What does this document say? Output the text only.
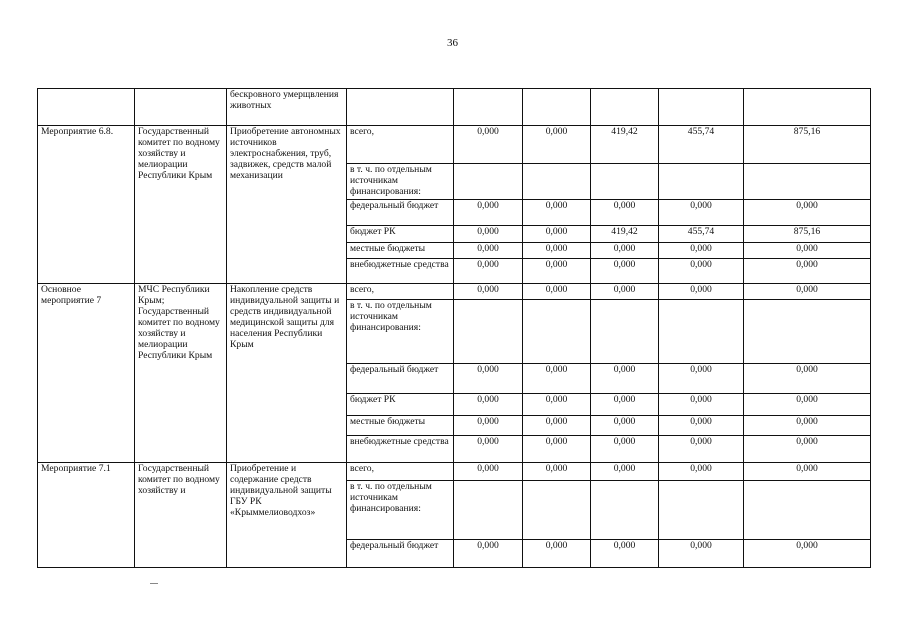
36
		бескровного умерщвления животных						
Мероприятие 6.8.	Государственный комитет по водному хозяйству и мелиорации Республики Крым	Приобретение автономных источников электроснабжения, труб, задвижек, средств малой механизации	всего,	0,000	0,000	419,42	455,74	875,16
			в т. ч. по отдельным источникам финансирования:					
			федеральный бюджет	0,000	0,000	0,000	0,000	0,000
			бюджет РК	0,000	0,000	419,42	455,74	875,16
			местные бюджеты	0,000	0,000	0,000	0,000	0,000
			внебюджетные средства	0,000	0,000	0,000	0,000	0,000
Основное мероприятие 7	МЧС Республики Крым; Государственный комитет по водному хозяйству и мелиорации Республики Крым	Накопление средств индивидуальной защиты и средств индивидуальной медицинской защиты для населения Республики Крым	всего,	0,000	0,000	0,000	0,000	0,000
			в т. ч. по отдельным источникам финансирования:					
			федеральный бюджет	0,000	0,000	0,000	0,000	0,000
			бюджет РК	0,000	0,000	0,000	0,000	0,000
			местные бюджеты	0,000	0,000	0,000	0,000	0,000
			внебюджетные средства	0,000	0,000	0,000	0,000	0,000
Мероприятие 7.1	Государственный комитет по водному хозяйству и	Приобретение и содержание средств индивидуальной защиты ГБУ РК «Крыммелиоводхоз»	всего,	0,000	0,000	0,000	0,000	0,000
			в т. ч. по отдельным источникам финансирования:					
			федеральный бюджет	0,000	0,000	0,000	0,000	0,000
